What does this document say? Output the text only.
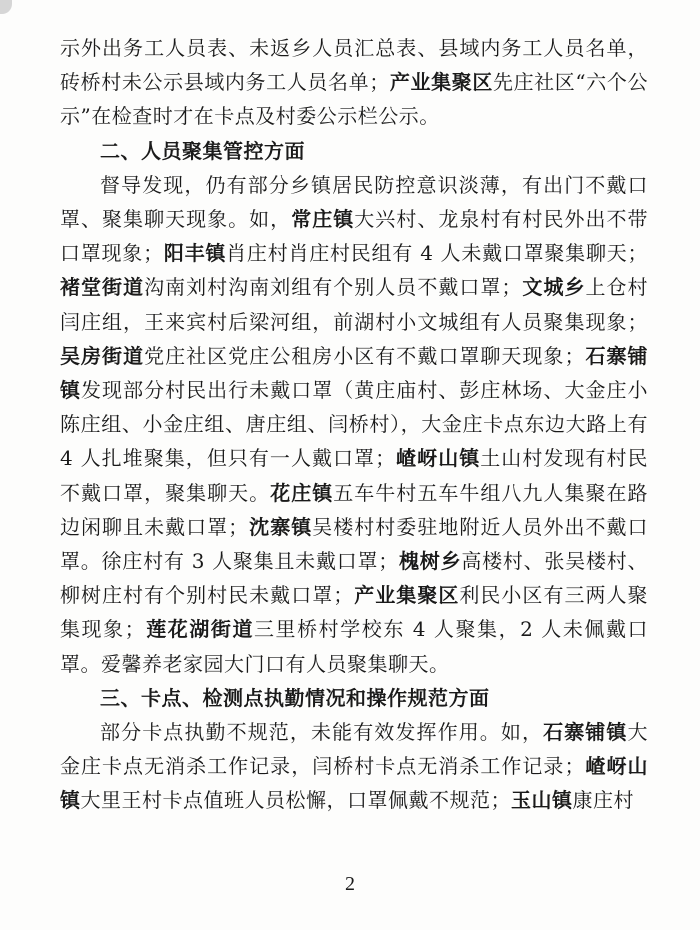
示外出务工人员表、未返乡人员汇总表、县域内务工人员名单，砖桥村未公示县域内务工人员名单；产业集聚区先庄社区“六个公示”在检查时才在卡点及村委公示栏公示。

二、人员聚集管控方面

督导发现，仍有部分乡镇居民防控意识淡薄，有出门不戴口罩、聚集聊天现象。如，常庄镇大兴村、龙泉村有村民外出不带口罩现象；阳丰镇肖庄村肖庄村民组有 4 人未戴口罩聚集聊天；褚堂街道沟南刘村沟南刘组有个别人员不戴口罩；文城乡上仓村闫庄组，王来宾村后梁河组，前湖村小文城组有人员聚集现象；吴房街道党庄社区党庄公租房小区有不戴口罩聊天现象；石寨铺镇发现部分村民出行未戴口罩（黄庄庙村、彭庄林场、大金庄小陈庄组、小金庄组、唐庄组、闫桥村），大金庄卡点东边大路上有 4 人扎堆聚集，但只有一人戴口罩；嵖岈山镇土山村发现有村民不戴口罩，聚集聊天。花庄镇五车牛村五车牛组八九人集聚在路边闲聊且未戴口罩；沈寨镇吴楼村村委驻地附近人员外出不戴口罩。徐庄村有 3 人聚集且未戴口罩；槐树乡高楼村、张吴楼村、柳树庄村有个别村民未戴口罩；产业集聚区利民小区有三两人聚集现象；莲花湖街道三里桥村学校东 4 人聚集，2 人未佩戴口罩。爱馨养老家园大门口有人员聚集聊天。

三、卡点、检测点执勤情况和操作规范方面

部分卡点执勤不规范，未能有效发挥作用。如，石寨铺镇大金庄卡点无消杀工作记录，闫桥村卡点无消杀工作记录；嵖岈山镇大里王村卡点值班人员松懈，口罩佩戴不规范；玉山镇康庄村

2
